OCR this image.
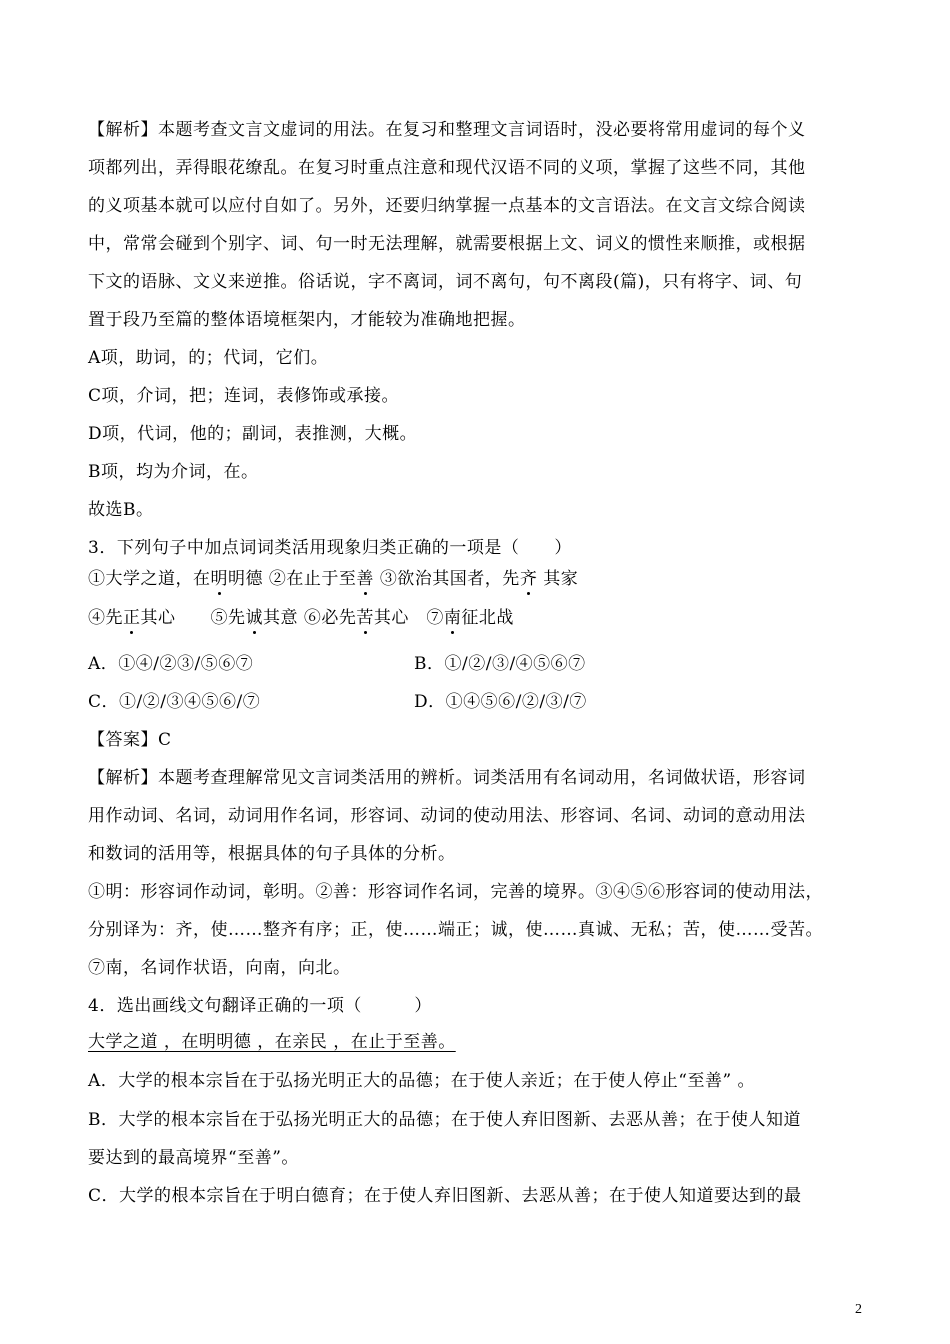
【解析】本题考查文言文虚词的用法。在复习和整理文言词语时，没必要将常用虚词的每个义
项都列出，弄得眼花缭乱。在复习时重点注意和现代汉语不同的义项，掌握了这些不同，其他
的义项基本就可以应付自如了。另外，还要归纳掌握一点基本的文言语法。在文言文综合阅读
中，常常会碰到个别字、词、句一时无法理解，就需要根据上文、词义的惯性来顺推，或根据
下文的语脉、文义来逆推。俗话说，字不离词，词不离句，句不离段(篇)，只有将字、词、句
置于段乃至篇的整体语境框架内，才能较为准确地把握。
A项，助词，的；代词，它们。
C项，介词，把；连词，表修饰或承接。
D项，代词，他的；副词，表推测，大概。
B项，均为介词，在。
故选B。
3．下列句子中加点词词类活用现象归类正确的一项是（　　）
①大学之道，在明明德 ②在止于至善 ③欲治其国者，先齐 其家
④先正其心　　⑤先诚其意 ⑥必先苦其心　⑦南征北战
A．①④/②③/⑤⑥⑦	B．①/②/③/④⑤⑥⑦
C．①/②/③④⑤⑥/⑦	D．①④⑤⑥/②/③/⑦
【答案】C
【解析】本题考查理解常见文言词类活用的辨析。词类活用有名词动用，名词做状语，形容词
用作动词、名词，动词用作名词，形容词、动词的使动用法、形容词、名词、动词的意动用法
和数词的活用等，根据具体的句子具体的分析。
①明：形容词作动词，彰明。②善：形容词作名词，完善的境界。③④⑤⑥形容词的使动用法，
分别译为：齐，使……整齐有序；正，使……端正；诚，使……真诚、无私；苦，使……受苦。
⑦南，名词作状语，向南，向北。
4．选出画线文句翻译正确的一项（　　　）
大学之道 ，在明明德 ，在亲民 ，在止于至善。
A．大学的根本宗旨在于弘扬光明正大的品德；在于使人亲近；在于使人停止“至善” 。
B．大学的根本宗旨在于弘扬光明正大的品德；在于使人弃旧图新、去恶从善；在于使人知道
要达到的最高境界“至善”。
C．大学的根本宗旨在于明白德育；在于使人弃旧图新、去恶从善；在于使人知道要达到的最
2
